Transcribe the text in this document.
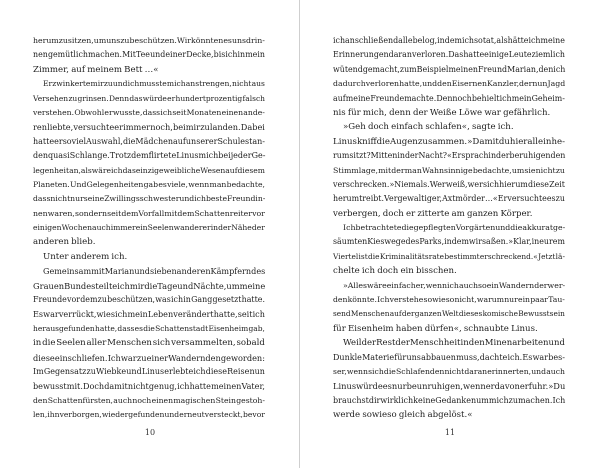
herumzusitzen, um uns zu beschützen. Wir könnten es uns drin-
nen gemütlich machen. Mit Tee und einer Decke, bis ich in mein
Zimmer, auf meinem Bett …«
Er zwinkerte mir zu und ich musste mich anstrengen, nicht aus
Versehen zu grinsen. Denn das würde er hundertprozentig falsch
verstehen. Obwohl er wusste, dass ich seit Monaten einen ande-
ren liebte, versuchte er immer noch, bei mir zu landen. Dabei
hatte er so viel Auswahl, die Mädchen auf unserer Schule stan-
den quasi Schlange. Trotzdem flirtete Linus mich bei jeder Ge-
legenheit an, als wäre ich das einzige weibliche Wesen auf diesem
Planeten. Und Gelegenheiten gab es viele, wenn man bedachte,
dass nicht nur seine Zwillingsschwester und ich beste Freundin-
nen waren, sondern seit dem Vorfall mit dem Schattenreiter vor
einigen Wochen auch immer ein Seelenwanderer in der Nähe der
anderen blieb.
Unter anderem ich.
Gemeinsam mit Marian und sieben anderen Kämpfern des
Grauen Bundes teilte ich mir die Tage und Nächte, um meine
Freunde vor dem zu beschützen, was ich in Gang gesetzt hatte.
Es war verrückt, wie sich mein Leben verändert hatte, seit ich
herausgefunden hatte, dass es die Schattenstadt Eisenheim gab,
in die Seelen aller Menschen sich versammelten, sobald
diese einschliefen. Ich war zu einer Wandernden geworden:
Im Gegensatz zu Wiebke und Linus erlebte ich diese Reise nun
bewusst mit. Doch damit nicht genug, ich hatte meinen Vater,
den Schattenfürsten, auch noch einen magischen Stein gestoh-
len, ihn verborgen, wiedergefunden und erneut versteckt, bevor
10
ich anschließend alle belog, indem ich so tat, als hätte ich meine
Erinnerungen daran verloren. Das hatte einige Leute ziemlich
wütend gemacht, zum Beispiel meinen Freund Marian, den ich
dadurch verloren hatte, und den Eisernen Kanzler, der nun Jagd
auf meine Freunde machte. Dennoch behielt ich mein Geheim-
nis für mich, denn der Weiße Löwe war gefährlich.
»Geh doch einfach schlafen«, sagte ich.
Linus kniff die Augen zusammen. »Damit du hier allein he-
rumsitzt? Mitten in der Nacht?« Er sprach in der beruhigenden
Stimmlage, mit der man Wahnsinnige bedachte, um sie nicht zu
verschrecken. »Niemals. Wer weiß, wer sich hier um diese Zeit
herumtreibt. Vergewaltiger, Axtmörder …« Er versuchte es zu
verbergen, doch er zitterte am ganzen Körper.
Ich betrachtete die gepflegten Vorgärten und die akkurat ge-
säumten Kieswege des Parks, in dem wir saßen. »Klar, in eurem
Viertel ist die Kriminalitätsrate bestimmt erschreckend.« Jetzt lä-
chelte ich doch ein bisschen.
»Alles wäre einfacher, wenn ich auch so ein Wandernder wer-
den könnte. Ich verstehe sowieso nicht, warum nur ein paar Tau-
send Menschen auf der ganzen Welt dieses komische Bewusstsein
für Eisenheim haben dürfen«, schnaubte Linus.
Weil der Rest der Menschheit in den Minen arbeiten und
Dunkle Materie für uns abbauen muss, dachte ich. Es war bes-
ser, wenn sich die Schlafenden nicht daran erinnerten, und auch
Linus würde es nur beunruhigen, wenn er davon erfuhr. »Du
brauchst dir wirklich keine Gedanken um mich zu machen. Ich
werde sowieso gleich abgelöst.«
11
